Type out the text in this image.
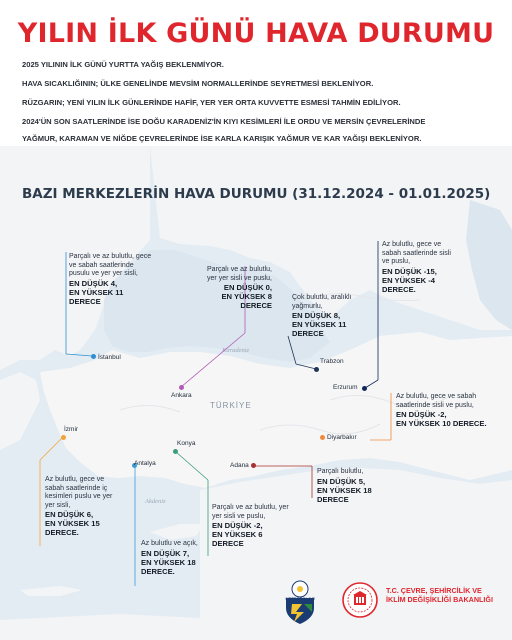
YILIN İLK GÜNÜ HAVA DURUMU

2025 YILININ İLK GÜNÜ YURTTA YAĞIŞ BEKLENMİYOR.

HAVA SICAKLIĞININ; ÜLKE GENELİNDE MEVSİM NORMALLERİNDE SEYRETMESİ BEKLENİYOR.

RÜZGARIN; YENİ YILIN İLK GÜNLERİNDE HAFİF, YER YER ORTA KUVVETTE ESMESİ TAHMİN EDİLİYOR.

2024'ÜN SON SAATLERİNDE İSE DOĞU KARADENİZ'İN KIYI KESİMLERİ İLE ORDU VE MERSİN ÇEVRELERİNDE

YAĞMUR, KARAMAN VE NİĞDE ÇEVRELERİNDE İSE KARLA KARIŞIK YAĞMUR VE KAR YAĞIŞI BEKLENİYOR.

BAZI MERKEZLERİN HAVA DURUMU (31.12.2024 - 01.01.2025)
Karadeniz
Akdeniz
TÜRKİYE
İstanbul
Ankara
Trabzon
Erzurum
Diyarbakır
İzmir
Antalya
Konya
Adana
Parçalı ve az bulutlu, gece ve sabah saatlerinde pusulu ve yer yer sisli,
EN DÜŞÜK 4,
EN YÜKSEK 11 DERECE
Parçalı ve az bulutlu, yer yer sisli ve puslu,
EN DÜŞÜK 0,
EN YÜKSEK 8 DERECE
Çok bulutlu, aralıklı yağmurlu,
EN DÜŞÜK 8,
EN YÜKSEK 11 DERECE
Az bulutlu, gece ve sabah saatlerinde sisli ve puslu,
EN DÜŞÜK -15,
EN YÜKSEK -4 DERECE.
Az bulutlu, gece ve sabah saatlerinde sisli ve puslu,
EN DÜŞÜK -2,
EN YÜKSEK 10 DERECE.
Az bulutlu, gece ve sabah saatlerinde iç kesimleri puslu ve yer yer sisli,
EN DÜŞÜK 6,
EN YÜKSEK 15 DERECE.
Az bulutlu ve açık,
EN DÜŞÜK 7,
EN YÜKSEK 18 DERECE.
Parçalı ve az bulutlu, yer yer sisli ve puslu,
EN DÜŞÜK -2,
EN YÜKSEK 6 DERECE
Parçalı bulutlu,
EN DÜŞÜK 5,
EN YÜKSEK 18 DERECE
METEOROLOJİ
T.C. ÇEVRE, ŞEHİRCİLİK VE
İKLİM DEĞİŞİKLİĞİ BAKANLIĞI
